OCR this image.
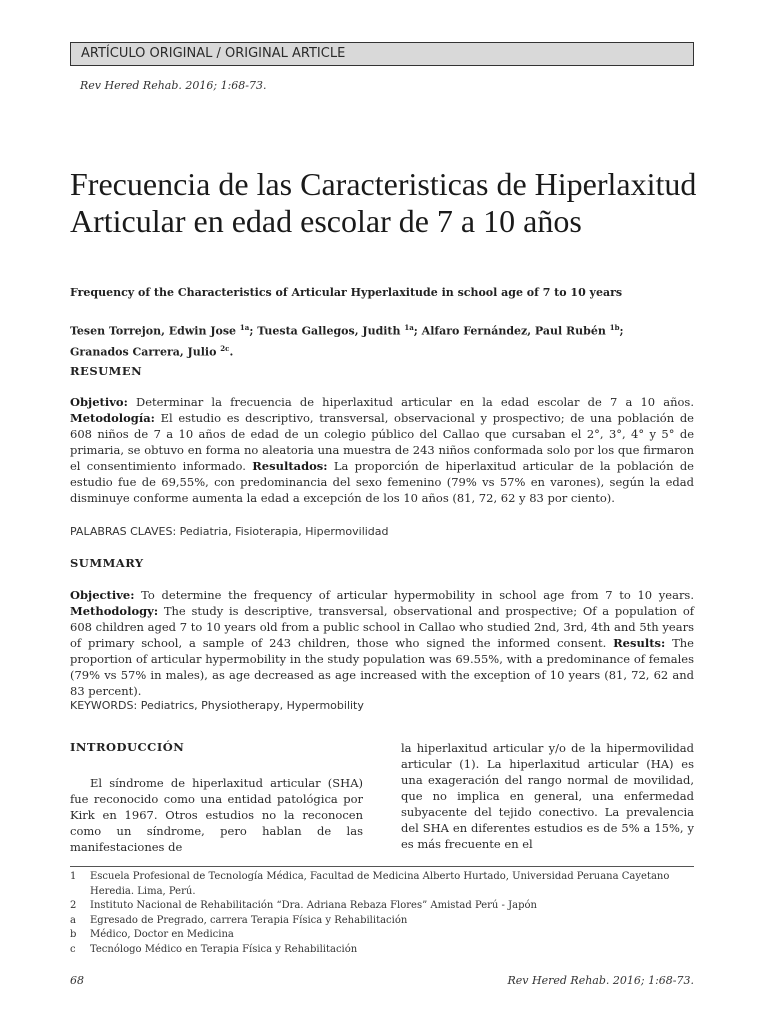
ARTÍCULO ORIGINAL / ORIGINAL ARTICLE
Rev Hered Rehab. 2016; 1:68-73.
Frecuencia de las Caracteristicas de Hiperlaxitud Articular en edad escolar de 7 a 10 años
Frequency of the Characteristics of Articular Hyperlaxitude in school age of 7 to 10 years
Tesen Torrejon, Edwin Jose $^{1a}$; Tuesta Gallegos, Judith $^{1a}$; Alfaro Fernández, Paul Rubén $^{1b}$;
Granados Carrera, Julio $^{2c}$.
RESUMEN

Objetivo: Determinar la frecuencia de hiperlaxitud articular en la edad escolar de 7 a 10 años. Metodología: El estudio es descriptivo, transversal, observacional y prospectivo; de una población de 608 niños de 7 a 10 años de edad de un colegio público del Callao que cursaban el 2°, 3°, 4° y 5° de primaria, se obtuvo en forma no aleatoria una muestra de 243 niños conformada solo por los que firmaron el consentimiento informado. Resultados: La proporción de hiperlaxitud articular de la población de estudio fue de 69,55%, con predominancia del sexo femenino (79% vs 57% en varones), según la edad disminuye conforme aumenta la edad a excepción de los 10 años (81, 72, 62 y 83 por ciento).

PALABRAS CLAVES: Pediatria, Fisioterapia, Hipermovilidad
SUMMARY

Objective: To determine the frequency of articular hypermobility in school age from 7 to 10 years. Methodology: The study is descriptive, transversal, observational and prospective; Of a population of 608 children aged 7 to 10 years old from a public school in Callao who studied 2nd, 3rd, 4th and 5th years of primary school, a sample of 243 children, those who signed the informed consent. Results: The proportion of articular hypermobility in the study population was 69.55%, with a predominance of females (79% vs 57% in males), as age decreased as age increased with the exception of 10 years (81, 72, 62 and 83 percent).

KEYWORDS: Pediatrics, Physiotherapy, Hypermobility
INTRODUCCIÓN

El síndrome de hiperlaxitud articular (SHA) fue reconocido como una entidad patológica por Kirk en 1967. Otros estudios no la reconocen como un síndrome, pero hablan de las manifestaciones de

la hiperlaxitud articular y/o de la hipermovilidad articular (1). La hiperlaxitud articular (HA) es una exageración del rango normal de movilidad, que no implica en general, una enfermedad subyacente del tejido conectivo. La prevalencia del SHA en diferentes estudios es de 5% a 15%, y es más frecuente en el

1	Escuela Profesional de Tecnología Médica, Facultad de Medicina Alberto Hurtado, Universidad Peruana Cayetano Heredia. Lima, Perú.
2	Instituto Nacional de Rehabilitación “Dra. Adriana Rebaza Flores” Amistad Perú - Japón
a	Egresado de Pregrado, carrera Terapia Física y Rehabilitación
b	Médico, Doctor en Medicina
c	Tecnólogo Médico en Terapia Física y Rehabilitación
68	Rev Hered Rehab. 2016; 1:68-73.
